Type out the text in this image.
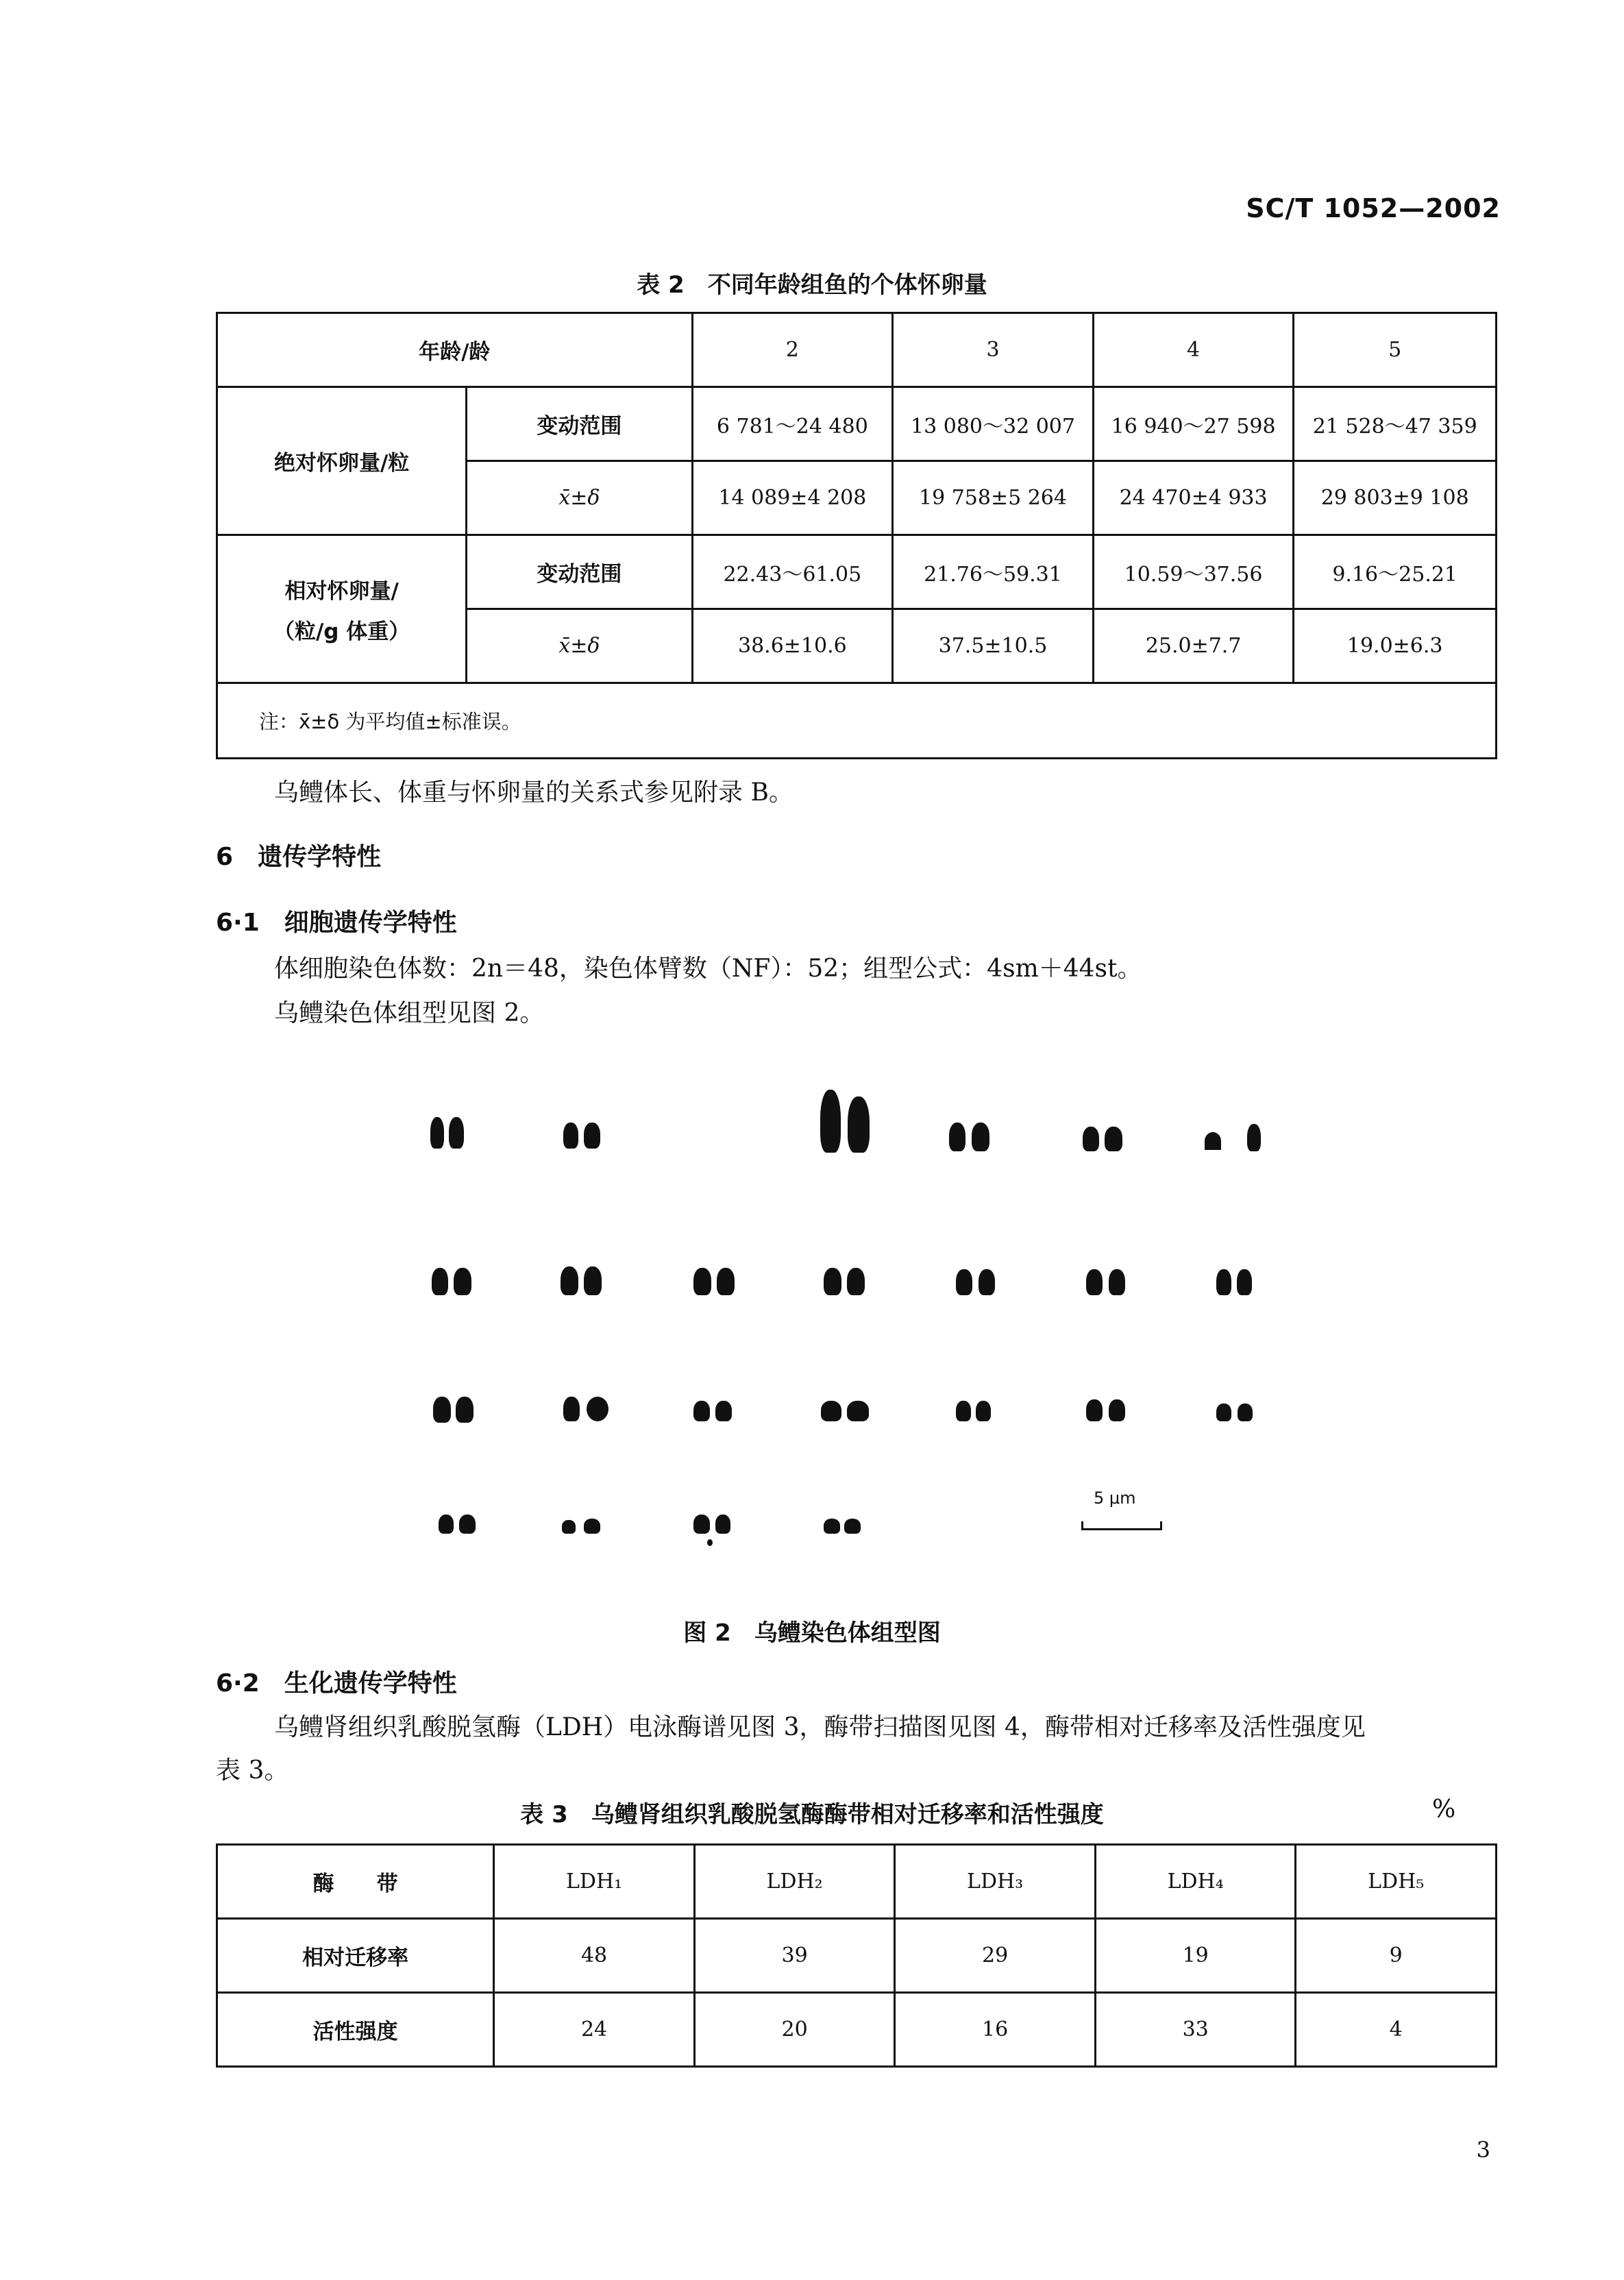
SC/T 1052—2002
表 2　不同年龄组鱼的个体怀卵量
年龄/龄		2	3	4	5
绝对怀卵量/粒	变动范围	6 781～24 480	13 080～32 007	16 940～27 598	21 528～47 359
	x̄±δ	14 089±4 208	19 758±5 264	24 470±4 933	29 803±9 108

相对怀卵量/
（粒/g 体重）	变动范围	22.43～61.05	21.76～59.31	10.59～37.56	9.16～25.21
	x̄±δ	38.6±10.6	37.5±10.5	25.0±7.7	19.0±6.3
注：x̄±δ 为平均值±标准误。					
乌鳢体长、体重与怀卵量的关系式参见附录 B。
6 遗传学特性
6·1 细胞遗传学特性
体细胞染色体数：2n＝48，染色体臂数（NF）：52；组型公式：4sm＋44st。
乌鳢染色体组型见图 2。
5 μm
图 2　乌鳢染色体组型图
6·2 生化遗传学特性
乌鳢肾组织乳酸脱氢酶（LDH）电泳酶谱见图 3，酶带扫描图见图 4，酶带相对迁移率及活性强度见
表 3。
表 3　乌鳢肾组织乳酸脱氢酶酶带相对迁移率和活性强度	%
酶　　带	LDH₁	LDH₂	LDH₃	LDH₄	LDH₅
相对迁移率	48	39	29	19	9
活性强度	24	20	16	33	4
3
